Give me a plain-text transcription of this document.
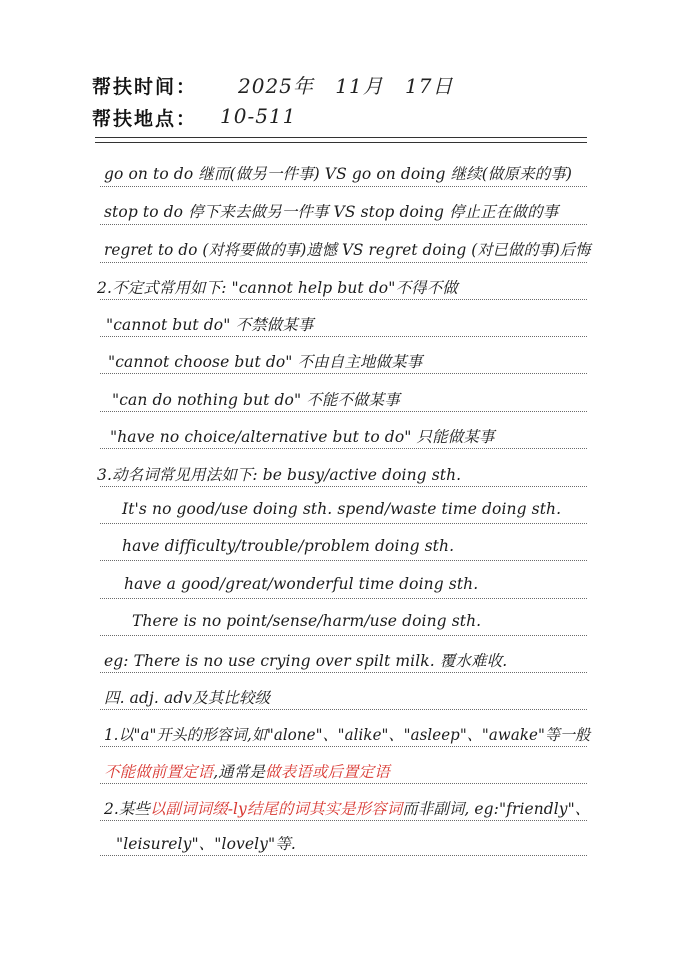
帮扶时间： 2025年 11月 17日
帮扶地点： 10-511
go on to do 继而(做另一件事) VS go on doing 继续(做原来的事)
stop to do 停下来去做另一件事 VS stop doing 停止正在做的事
regret to do (对将要做的事)遗憾 VS regret doing (对已做的事)后悔
2.不定式常用如下: "cannot help but do"不得不做
"cannot but do" 不禁做某事
"cannot choose but do" 不由自主地做某事
"can do nothing but do" 不能不做某事
"have no choice/alternative but to do" 只能做某事
3.动名词常见用法如下: be busy/active doing sth.
It's no good/use doing sth. spend/waste time doing sth.
have difficulty/trouble/problem doing sth.
have a good/great/wonderful time doing sth.
There is no point/sense/harm/use doing sth.
eg: There is no use crying over spilt milk. 覆水难收.
四. adj. adv及其比较级
1.以"a"开头的形容词,如"alone"、"alike"、"asleep"、"awake"等一般
不能做前置定语,通常是做表语或后置定语
2.某些以副词词缀-ly结尾的词其实是形容词而非副词, eg:"friendly"、
"leisurely"、"lovely"等.
